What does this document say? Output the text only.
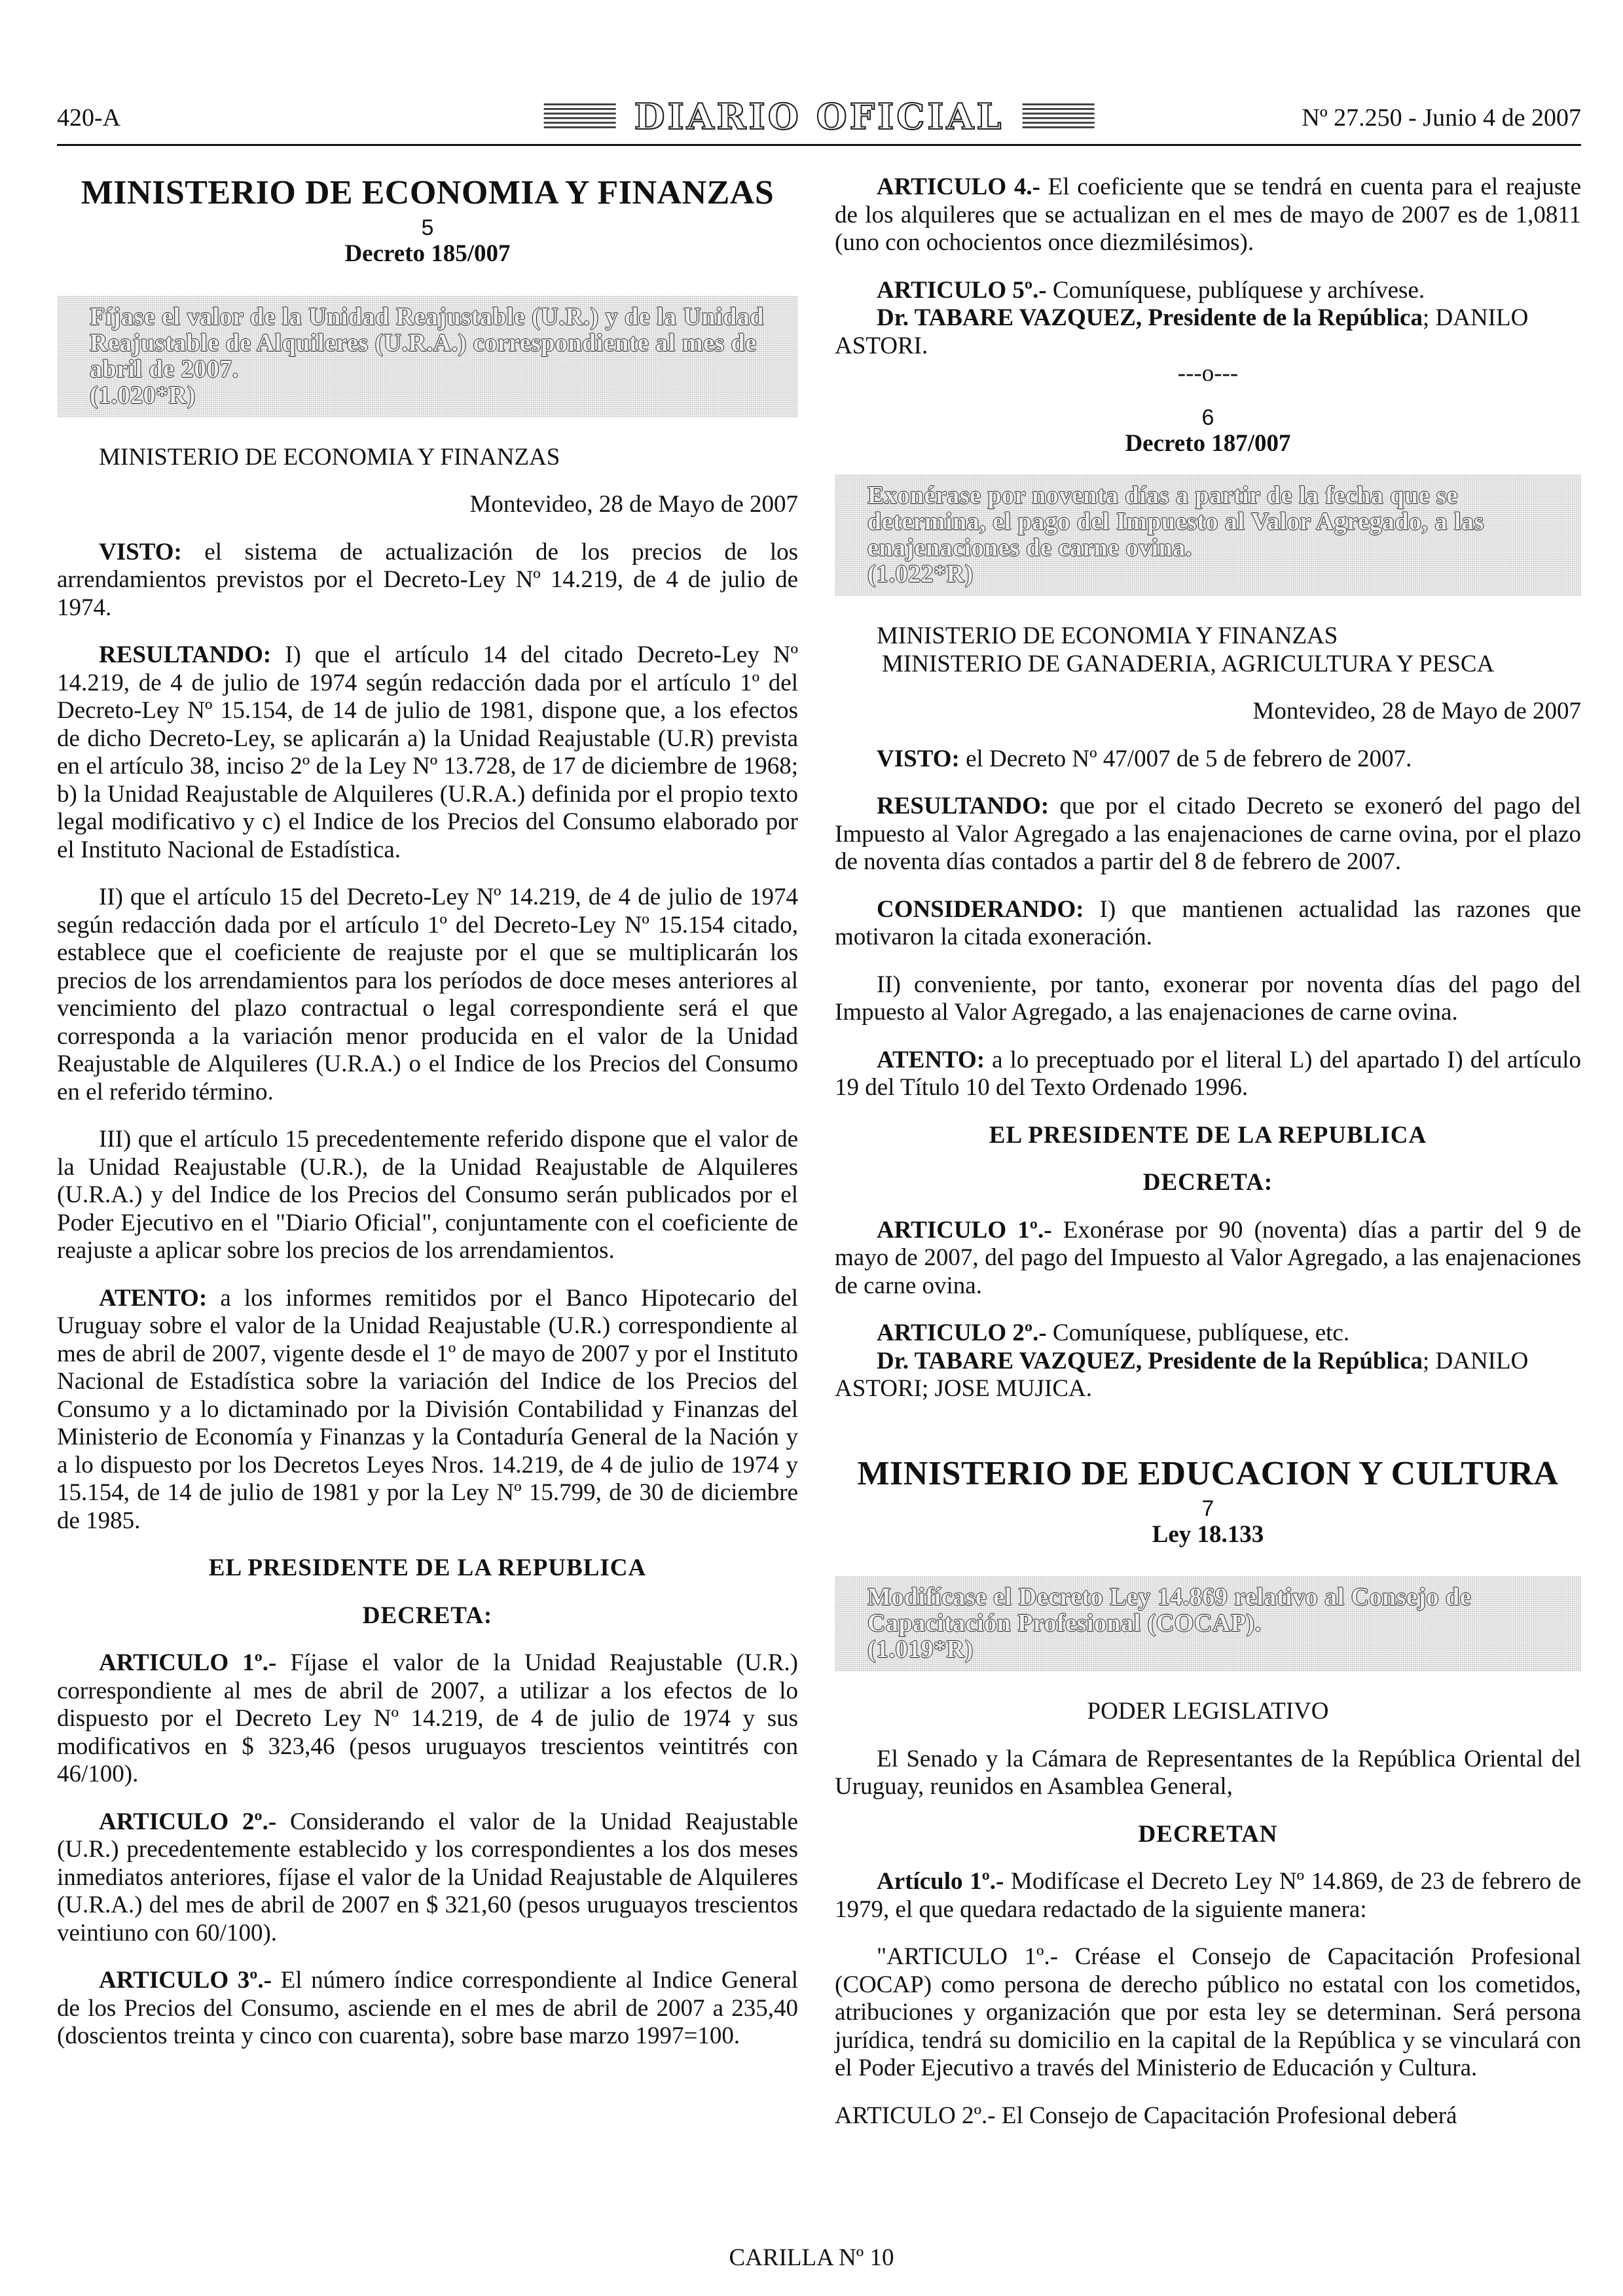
420-A	DIARIO OFICIAL	Nº 27.250 - Junio 4 de 2007
MINISTERIO DE ECONOMIA Y FINANZAS
5
Decreto 185/007
Fíjase el valor de la Unidad Reajustable (U.R.) y de la Unidad Reajustable de Alquileres (U.R.A.) correspondiente al mes de abril de 2007.
(1.020*R)

MINISTERIO DE ECONOMIA Y FINANZAS

Montevideo, 28 de Mayo de 2007

VISTO: el sistema de actualización de los precios de los arrendamientos previstos por el Decreto-Ley Nº 14.219, de 4 de julio de 1974.

RESULTANDO: I) que el artículo 14 del citado Decreto-Ley Nº 14.219, de 4 de julio de 1974 según redacción dada por el artículo 1º del Decreto-Ley Nº 15.154, de 14 de julio de 1981, dispone que, a los efectos de dicho Decreto-Ley, se aplicarán a) la Unidad Reajustable (U.R) prevista en el artículo 38, inciso 2º de la Ley Nº 13.728, de 17 de diciembre de 1968; b) la Unidad Reajustable de Alquileres (U.R.A.) definida por el propio texto legal modificativo y c) el Indice de los Precios del Consumo elaborado por el Instituto Nacional de Estadística.

II) que el artículo 15 del Decreto-Ley Nº 14.219, de 4 de julio de 1974 según redacción dada por el artículo 1º del Decreto-Ley Nº 15.154 citado, establece que el coeficiente de reajuste por el que se multiplicarán los precios de los arrendamientos para los períodos de doce meses anteriores al vencimiento del plazo contractual o legal correspondiente será el que corresponda a la variación menor producida en el valor de la Unidad Reajustable de Alquileres (U.R.A.) o el Indice de los Precios del Consumo en el referido término.

III) que el artículo 15 precedentemente referido dispone que el valor de la Unidad Reajustable (U.R.), de la Unidad Reajustable de Alquileres (U.R.A.) y del Indice de los Precios del Consumo serán publicados por el Poder Ejecutivo en el "Diario Oficial", conjuntamente con el coeficiente de reajuste a aplicar sobre los precios de los arrendamientos.

ATENTO: a los informes remitidos por el Banco Hipotecario del Uruguay sobre el valor de la Unidad Reajustable (U.R.) correspondiente al mes de abril de 2007, vigente desde el 1º de mayo de 2007 y por el Instituto Nacional de Estadística sobre la variación del Indice de los Precios del Consumo y a lo dictaminado por la División Contabilidad y Finanzas del Ministerio de Economía y Finanzas y la Contaduría General de la Nación y a lo dispuesto por los Decretos Leyes Nros. 14.219, de 4 de julio de 1974 y 15.154, de 14 de julio de 1981 y por la Ley Nº 15.799, de 30 de diciembre de 1985.

EL PRESIDENTE DE LA REPUBLICA
DECRETA:

ARTICULO 1º.- Fíjase el valor de la Unidad Reajustable (U.R.) correspondiente al mes de abril de 2007, a utilizar a los efectos de lo dispuesto por el Decreto Ley Nº 14.219, de 4 de julio de 1974 y sus modificativos en $ 323,46 (pesos uruguayos trescientos veintitrés con 46/100).

ARTICULO 2º.- Considerando el valor de la Unidad Reajustable (U.R.) precedentemente establecido y los correspondientes a los dos meses inmediatos anteriores, fíjase el valor de la Unidad Reajustable de Alquileres (U.R.A.) del mes de abril de 2007 en $ 321,60 (pesos uruguayos trescientos veintiuno con 60/100).

ARTICULO 3º.- El número índice correspondiente al Indice General de los Precios del Consumo, asciende en el mes de abril de 2007 a 235,40 (doscientos treinta y cinco con cuarenta), sobre base marzo 1997=100.

ARTICULO 4.- El coeficiente que se tendrá en cuenta para el reajuste de los alquileres que se actualizan en el mes de mayo de 2007 es de 1,0811 (uno con ochocientos once diezmilésimos).

ARTICULO 5º.- Comuníquese, publíquese y archívese.

Dr. TABARE VAZQUEZ, Presidente de la República; DANILO ASTORI.

---o---
6
Decreto 187/007
Exonérase por noventa días a partir de la fecha que se determina, el pago del Impuesto al Valor Agregado, a las enajenaciones de carne ovina.
(1.022*R)
MINISTERIO DE ECONOMIA Y FINANZAS
MINISTERIO DE GANADERIA, AGRICULTURA Y PESCA
Montevideo, 28 de Mayo de 2007

VISTO: el Decreto Nº 47/007 de 5 de febrero de 2007.

RESULTANDO: que por el citado Decreto se exoneró del pago del Impuesto al Valor Agregado a las enajenaciones de carne ovina, por el plazo de noventa días contados a partir del 8 de febrero de 2007.

CONSIDERANDO: I) que mantienen actualidad las razones que motivaron la citada exoneración.

II) conveniente, por tanto, exonerar por noventa días del pago del Impuesto al Valor Agregado, a las enajenaciones de carne ovina.

ATENTO: a lo preceptuado por el literal L) del apartado I) del artículo 19 del Título 10 del Texto Ordenado 1996.

EL PRESIDENTE DE LA REPUBLICA
DECRETA:

ARTICULO 1º.- Exonérase por 90 (noventa) días a partir del 9 de mayo de 2007, del pago del Impuesto al Valor Agregado, a las enajenaciones de carne ovina.

ARTICULO 2º.- Comuníquese, publíquese, etc.

Dr. TABARE VAZQUEZ, Presidente de la República; DANILO ASTORI; JOSE MUJICA.

MINISTERIO DE EDUCACION Y CULTURA
7
Ley 18.133
Modifícase el Decreto Ley 14.869 relativo al Consejo de Capacitación Profesional (COCAP).
(1.019*R)
PODER LEGISLATIVO

El Senado y la Cámara de Representantes de la República Oriental del Uruguay, reunidos en Asamblea General,

DECRETAN

Artículo 1º.- Modifícase el Decreto Ley Nº 14.869, de 23 de febrero de 1979, el que quedara redactado de la siguiente manera:

"ARTICULO 1º.- Créase el Consejo de Capacitación Profesional (COCAP) como persona de derecho público no estatal con los cometidos, atribuciones y organización que por esta ley se determinan. Será persona jurídica, tendrá su domicilio en la capital de la República y se vinculará con el Poder Ejecutivo a través del Ministerio de Educación y Cultura.

ARTICULO 2º.- El Consejo de Capacitación Profesional deberá

CARILLA Nº 10
